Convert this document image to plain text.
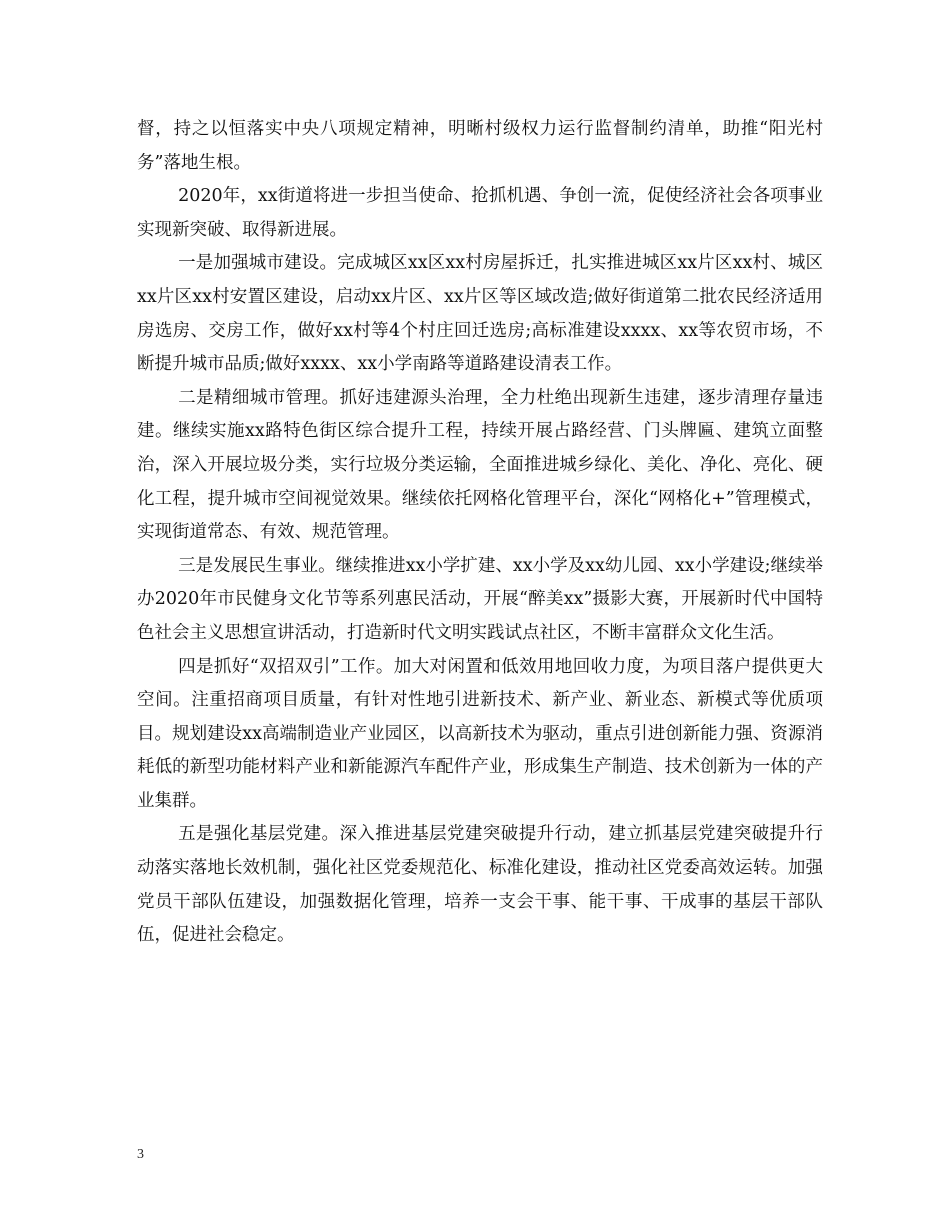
督，持之以恒落实中央八项规定精神，明晰村级权力运行监督制约清单，助推“阳光村务”落地生根。

2020年，xx街道将进一步担当使命、抢抓机遇、争创一流，促使经济社会各项事业实现新突破、取得新进展。

一是加强城市建设。完成城区xx区xx村房屋拆迁，扎实推进城区xx片区xx村、城区xx片区xx村安置区建设，启动xx片区、xx片区等区域改造;做好街道第二批农民经济适用房选房、交房工作，做好xx村等4个村庄回迁选房;高标准建设xxxx、xx等农贸市场，不断提升城市品质;做好xxxx、xx小学南路等道路建设清表工作。

二是精细城市管理。抓好违建源头治理，全力杜绝出现新生违建，逐步清理存量违建。继续实施xx路特色街区综合提升工程，持续开展占路经营、门头牌匾、建筑立面整治，深入开展垃圾分类，实行垃圾分类运输，全面推进城乡绿化、美化、净化、亮化、硬化工程，提升城市空间视觉效果。继续依托网格化管理平台，深化“网格化+”管理模式，实现街道常态、有效、规范管理。

三是发展民生事业。继续推进xx小学扩建、xx小学及xx幼儿园、xx小学建设;继续举办2020年市民健身文化节等系列惠民活动，开展“醉美xx”摄影大赛，开展新时代中国特色社会主义思想宣讲活动，打造新时代文明实践试点社区，不断丰富群众文化生活。

四是抓好“双招双引”工作。加大对闲置和低效用地回收力度，为项目落户提供更大空间。注重招商项目质量，有针对性地引进新技术、新产业、新业态、新模式等优质项目。规划建设xx高端制造业产业园区，以高新技术为驱动，重点引进创新能力强、资源消耗低的新型功能材料产业和新能源汽车配件产业，形成集生产制造、技术创新为一体的产业集群。

五是强化基层党建。深入推进基层党建突破提升行动，建立抓基层党建突破提升行动落实落地长效机制，强化社区党委规范化、标准化建设，推动社区党委高效运转。加强党员干部队伍建设，加强数据化管理，培养一支会干事、能干事、干成事的基层干部队伍，促进社会稳定。

3
